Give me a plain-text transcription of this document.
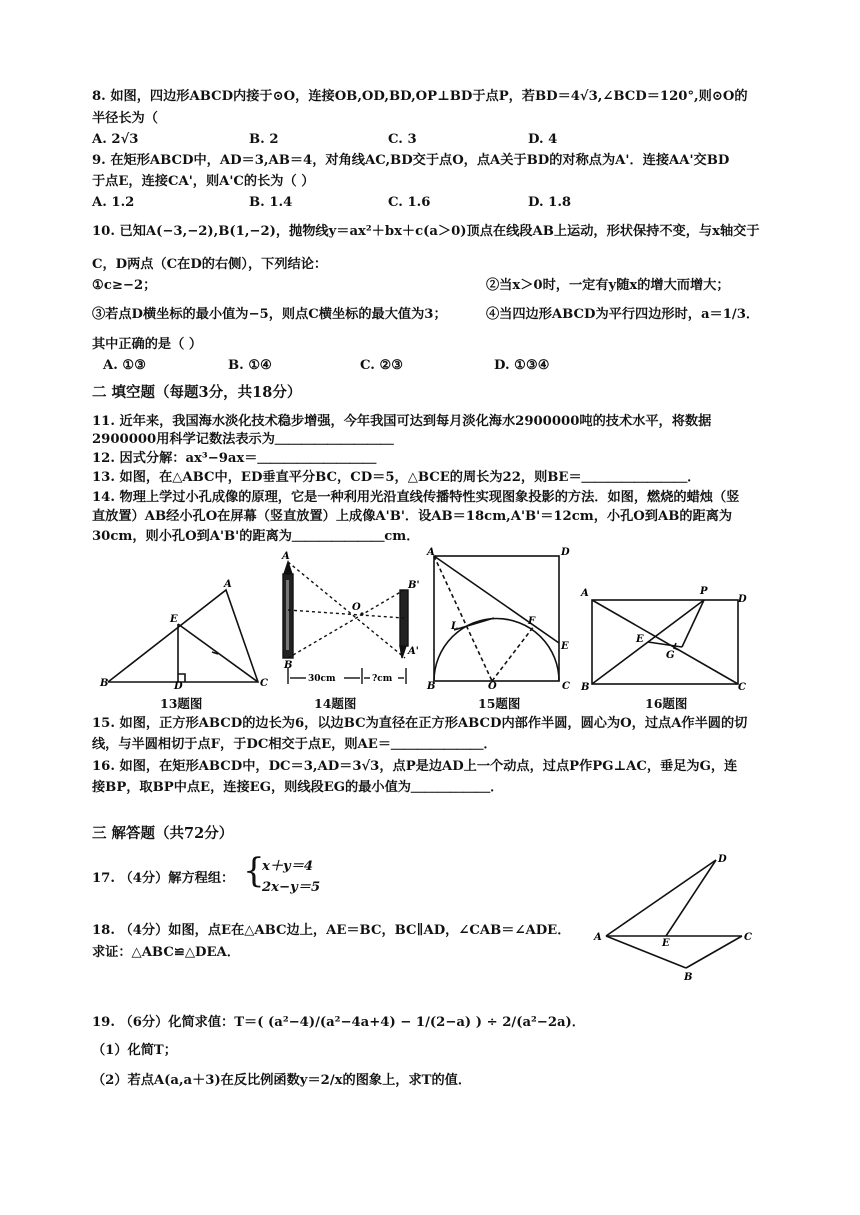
8. 如图，四边形ABCD内接于⊙O，连接OB,OD,BD,OP⊥BD于点P，若BD＝4√3,∠BCD＝120°,则⊙O的
半径长为（
A. 2√3	B. 2	C. 3	D. 4
9. 在矩形ABCD中，AD＝3,AB＝4，对角线AC,BD交于点O，点A关于BD的对称点为A'．连接AA'交BD
于点E，连接CA'，则A'C的长为（ ）
A. 1.2	B. 1.4	C. 1.6	D. 1.8
10. 已知A(−3,−2),B(1,−2)，抛物线y＝ax²＋bx＋c(a＞0)顶点在线段AB上运动，形状保持不变，与x轴交于
C，D两点（C在D的右侧），下列结论：
①c≥−2；	②当x＞0时，一定有y随x的增大而增大；
③若点D横坐标的最小值为−5，则点C横坐标的最大值为3；	④当四边形ABCD为平行四边形时，a＝1/3．
其中正确的是（ ）
A. ①③	B. ①④	C. ②③	D. ①③④
二 填空题（每题3分，共18分）
11. 近年来，我国海水淡化技术稳步增强，今年我国可达到每月淡化海水2900000吨的技术水平，将数据
2900000用科学记数法表示为＿＿＿＿＿＿＿＿＿
12. 因式分解：ax³−9ax＝＿＿＿＿＿＿＿＿＿
13. 如图，在△ABC中，ED垂直平分BC，CD＝5，△BCE的周长为22，则BE＝＿＿＿＿＿＿＿＿．
14. 物理上学过小孔成像的原理，它是一种利用光沿直线传播特性实现图象投影的方法．如图，燃烧的蜡烛（竖
直放置）AB经小孔O在屏幕（竖直放置）上成像A'B'．设AB＝18cm,A'B'＝12cm，小孔O到AB的距离为
30cm，则小孔O到A'B'的距离为＿＿＿＿＿＿＿cm．
B
A
E
D	C
A
B
O
B'
A'
30cm	?cm
A	D
L	F
E
B	O	C
A	P
D
E
G
B	C
13题图	14题图	15题图	16题图
15. 如图，正方形ABCD的边长为6，以边BC为直径在正方形ABCD内部作半圆，圆心为O，过点A作半圆的切
线，与半圆相切于点F，于DC相交于点E，则AE＝＿＿＿＿＿＿＿．
16. 如图，在矩形ABCD中，DC＝3,AD＝3√3，点P是边AD上一个动点，过点P作PG⊥AC，垂足为G，连
接BP，取BP中点E，连接EG，则线段EG的最小值为＿＿＿＿＿＿．
三 解答题（共72分）
17. （4分）解方程组： {
x＋y＝4
2x−y＝5
A
D
E
C
B
18. （4分）如图，点E在△ABC边上，AE＝BC，BC∥AD，∠CAB＝∠ADE．
求证：△ABC≌△DEA．
19. （6分）化简求值：T＝( (a²−4)/(a²−4a+4) − 1/(2−a) ) ÷ 2/(a²−2a)．
（1）化简T；
（2）若点A(a,a＋3)在反比例函数y＝2/x的图象上，求T的值．
